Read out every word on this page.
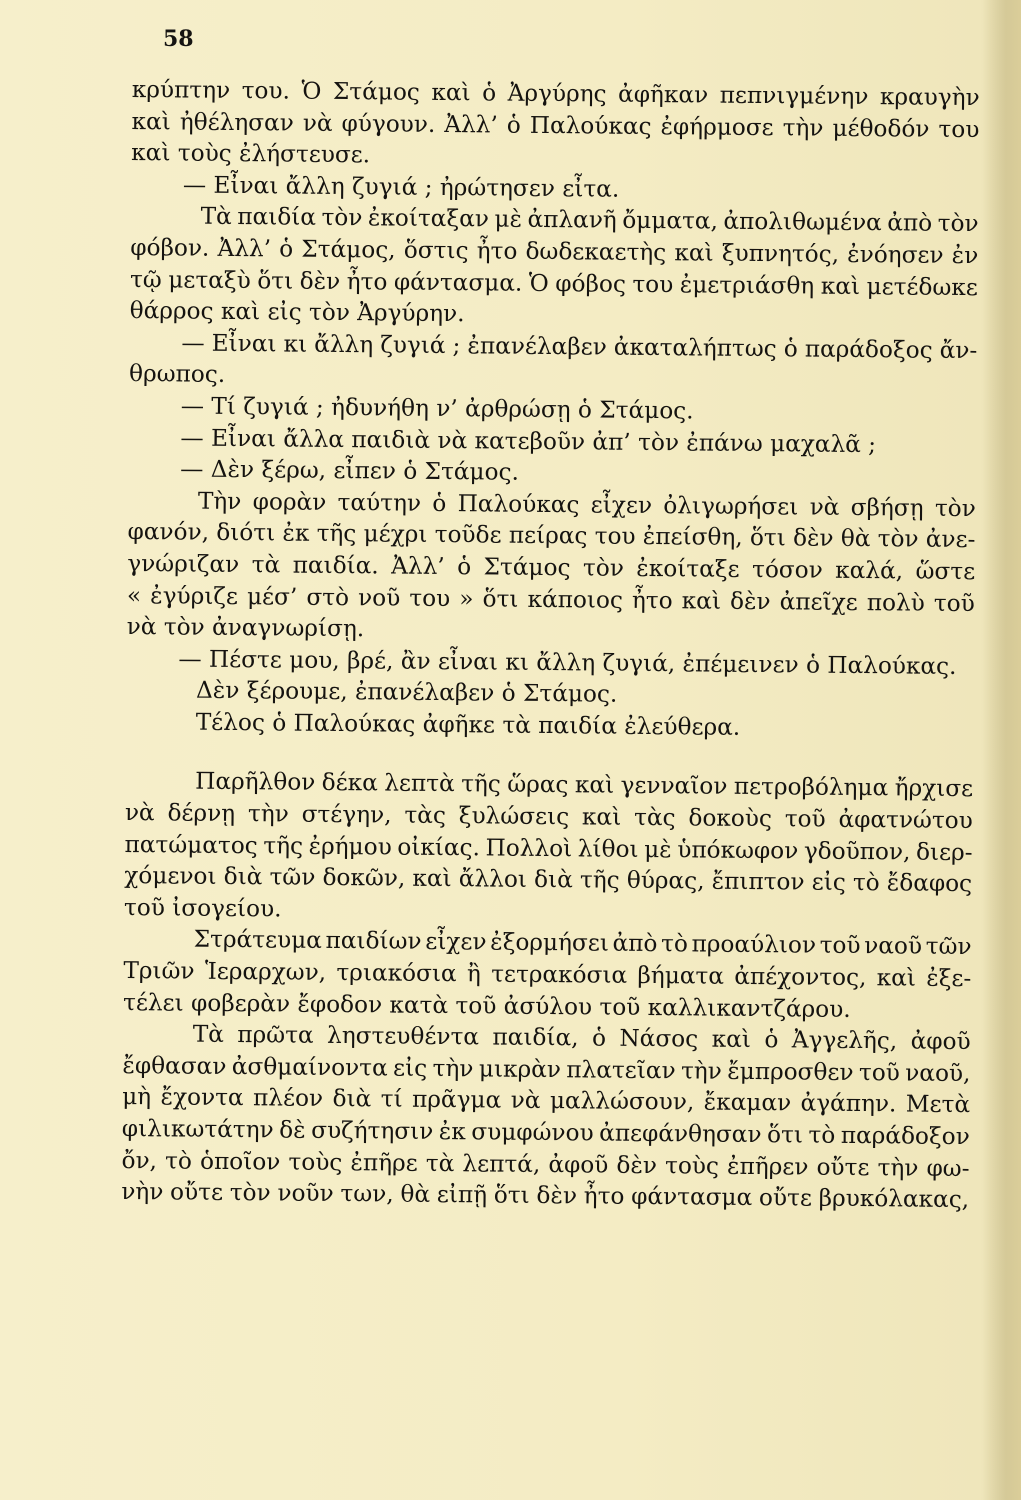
58
κρύπτην του. Ὁ Στάμος καὶ ὁ Ἀργύρης ἀφῆκαν πεπνιγμένην κραυγὴν
καὶ ἠθέλησαν νὰ φύγουν. Ἀλλ’ ὁ Παλούκας ἐφήρμοσε τὴν μέθοδόν του
καὶ τοὺς ἐλήστευσε.
— Εἶναι ἄλλη ζυγιά ; ἠρώτησεν εἶτα.
Τὰ παιδία τὸν ἐκοίταξαν μὲ ἀπλανῆ ὄμματα, ἀπολιθωμένα ἀπὸ τὸν
φόβον. Ἀλλ’ ὁ Στάμος, ὅστις ἦτο δωδεκαετὴς καὶ ξυπνητός, ἐνόησεν ἐν
τῷ μεταξὺ ὅτι δὲν ἦτο φάντασμα. Ὁ φόβος του ἐμετριάσθη καὶ μετέδωκε
θάρρος καὶ εἰς τὸν Ἀργύρην.
— Εἶναι κι ἄλλη ζυγιά ; ἐπανέλαβεν ἀκαταλήπτως ὁ παράδοξος ἄν-
θρωπος.
— Τί ζυγιά ; ἠδυνήθη ν’ ἀρθρώσῃ ὁ Στάμος.
— Εἶναι ἄλλα παιδιὰ νὰ κατεβοῦν ἀπ’ τὸν ἐπάνω μαχαλᾶ ;
— Δὲν ξέρω, εἶπεν ὁ Στάμος.
Τὴν φορὰν ταύτην ὁ Παλούκας εἶχεν ὀλιγωρήσει νὰ σβήσῃ τὸν
φανόν, διότι ἐκ τῆς μέχρι τοῦδε πείρας του ἐπείσθη, ὅτι δὲν θὰ τὸν ἀνε-
γνώριζαν τὰ παιδία. Ἀλλ’ ὁ Στάμος τὸν ἐκοίταξε τόσον καλά, ὥστε
« ἐγύριζε μέσ’ στὸ νοῦ του » ὅτι κάποιος ἦτο καὶ δὲν ἀπεῖχε πολὺ τοῦ
νὰ τὸν ἀναγνωρίσῃ.
— Πέστε μου, βρέ, ἂν εἶναι κι ἄλλη ζυγιά, ἐπέμεινεν ὁ Παλούκας.
Δὲν ξέρουμε, ἐπανέλαβεν ὁ Στάμος.
Τέλος ὁ Παλούκας ἀφῆκε τὰ παιδία ἐλεύθερα.
Παρῆλθον δέκα λεπτὰ τῆς ὥρας καὶ γενναῖον πετροβόλημα ἤρχισε
νὰ δέρνῃ τὴν στέγην, τὰς ξυλώσεις καὶ τὰς δοκοὺς τοῦ ἀφατνώτου
πατώματος τῆς ἐρήμου οἰκίας. Πολλοὶ λίθοι μὲ ὑπόκωφον γδοῦπον, διερ-
χόμενοι διὰ τῶν δοκῶν, καὶ ἄλλοι διὰ τῆς θύρας, ἔπιπτον εἰς τὸ ἔδαφος
τοῦ ἰσογείου.
Στράτευμα παιδίων εἶχεν ἐξορμήσει ἀπὸ τὸ προαύλιον τοῦ ναοῦ τῶν
Τριῶν Ἱεραρχων, τριακόσια ἢ τετρακόσια βήματα ἀπέχοντος, καὶ ἐξε-
τέλει φοβερὰν ἔφοδον κατὰ τοῦ ἀσύλου τοῦ καλλικαντζάρου.
Τὰ πρῶτα ληστευθέντα παιδία, ὁ Νάσος καὶ ὁ Ἀγγελῆς, ἀφοῦ
ἔφθασαν ἀσθμαίνοντα εἰς τὴν μικρὰν πλατεῖαν τὴν ἔμπροσθεν τοῦ ναοῦ,
μὴ ἔχοντα πλέον διὰ τί πρᾶγμα νὰ μαλλώσουν, ἔκαμαν ἀγάπην. Μετὰ
φιλικωτάτην δὲ συζήτησιν ἐκ συμφώνου ἀπεφάνθησαν ὅτι τὸ παράδοξον
ὄν, τὸ ὁποῖον τοὺς ἐπῆρε τὰ λεπτά, ἀφοῦ δὲν τοὺς ἐπῆρεν οὔτε τὴν φω-
νὴν οὔτε τὸν νοῦν των, θὰ εἰπῇ ὅτι δὲν ἦτο φάντασμα οὔτε βρυκόλακας,
